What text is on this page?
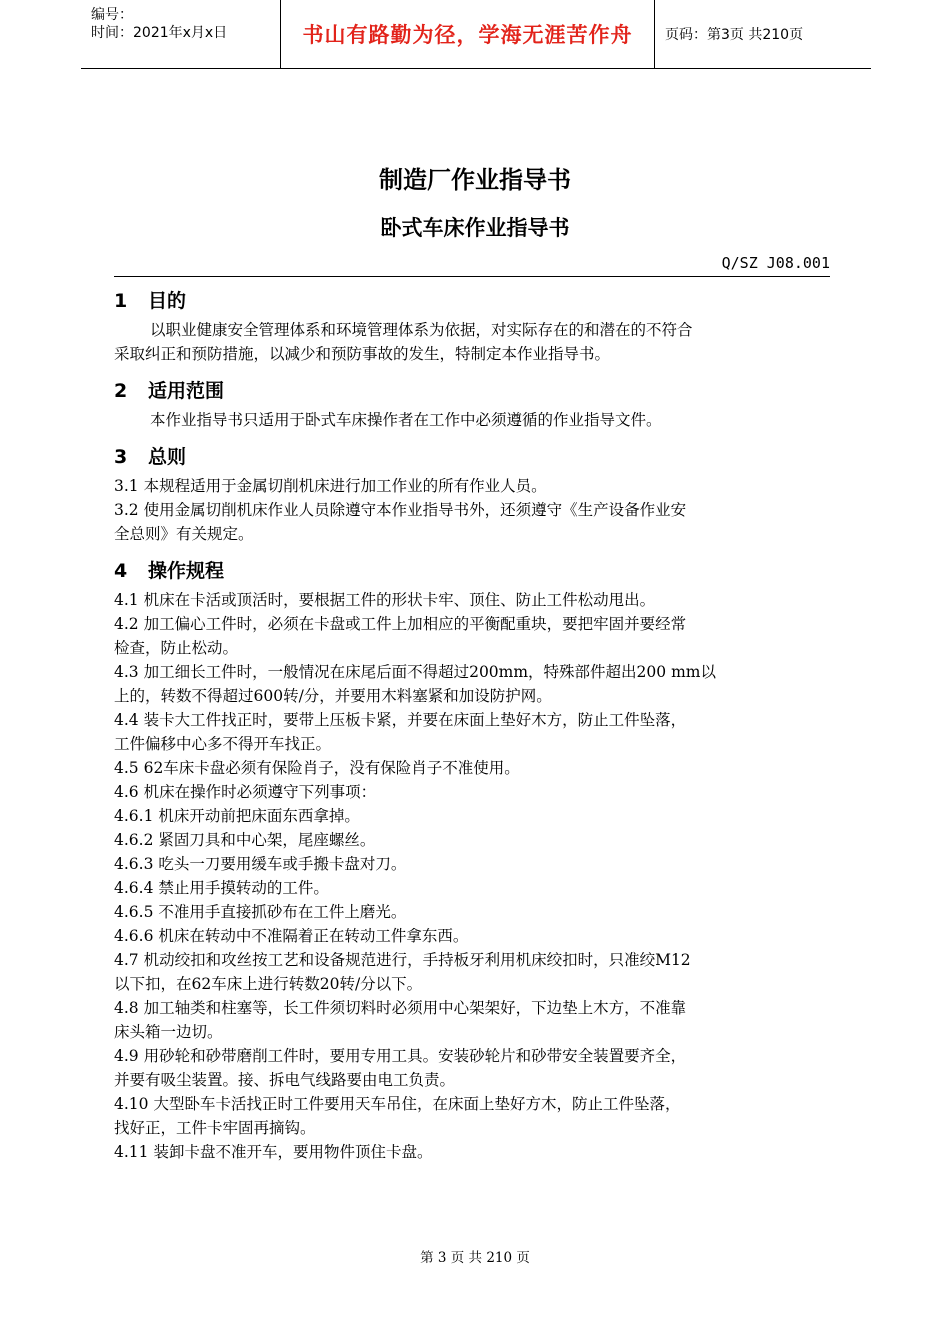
编号：
时间：2021年x月x日	书山有路勤为径，学海无涯苦作舟	页码：第3页 共210页
制造厂作业指导书
卧式车床作业指导书
Q/SZ J08.001
1 目的

以职业健康安全管理体系和环境管理体系为依据，对实际存在的和潜在的不符合

采取纠正和预防措施，以减少和预防事故的发生，特制定本作业指导书。

2 适用范围

本作业指导书只适用于卧式车床操作者在工作中必须遵循的作业指导文件。

3 总则

3.1 本规程适用于金属切削机床进行加工作业的所有作业人员。

3.2 使用金属切削机床作业人员除遵守本作业指导书外，还须遵守《生产设备作业安

全总则》有关规定。

4 操作规程

4.1 机床在卡活或顶活时，要根据工件的形状卡牢、顶住、防止工件松动甩出。

4.2 加工偏心工件时，必须在卡盘或工件上加相应的平衡配重块，要把牢固并要经常

检查，防止松动。

4.3 加工细长工件时，一般情况在床尾后面不得超过200mm，特殊部件超出200 mm以

上的，转数不得超过600转/分，并要用木料塞紧和加设防护网。

4.4 装卡大工件找正时，要带上压板卡紧，并要在床面上垫好木方，防止工件坠落，

工件偏移中心多不得开车找正。

4.5 62车床卡盘必须有保险肖子，没有保险肖子不准使用。

4.6 机床在操作时必须遵守下列事项：

4.6.1 机床开动前把床面东西拿掉。

4.6.2 紧固刀具和中心架，尾座螺丝。

4.6.3 吃头一刀要用缓车或手搬卡盘对刀。

4.6.4 禁止用手摸转动的工件。

4.6.5 不准用手直接抓砂布在工件上磨光。

4.6.6 机床在转动中不准隔着正在转动工件拿东西。

4.7 机动绞扣和攻丝按工艺和设备规范进行，手持板牙利用机床绞扣时，只准绞M12

以下扣，在62车床上进行转数20转/分以下。

4.8 加工轴类和柱塞等，长工件须切料时必须用中心架架好，下边垫上木方，不准靠

床头箱一边切。

4.9 用砂轮和砂带磨削工件时，要用专用工具。安装砂轮片和砂带安全装置要齐全，

并要有吸尘装置。接、拆电气线路要由电工负责。

4.10 大型卧车卡活找正时工件要用天车吊住，在床面上垫好方木，防止工件坠落，

找好正，工件卡牢固再摘钩。

4.11 装卸卡盘不准开车，要用物件顶住卡盘。

第 3 页 共 210 页
